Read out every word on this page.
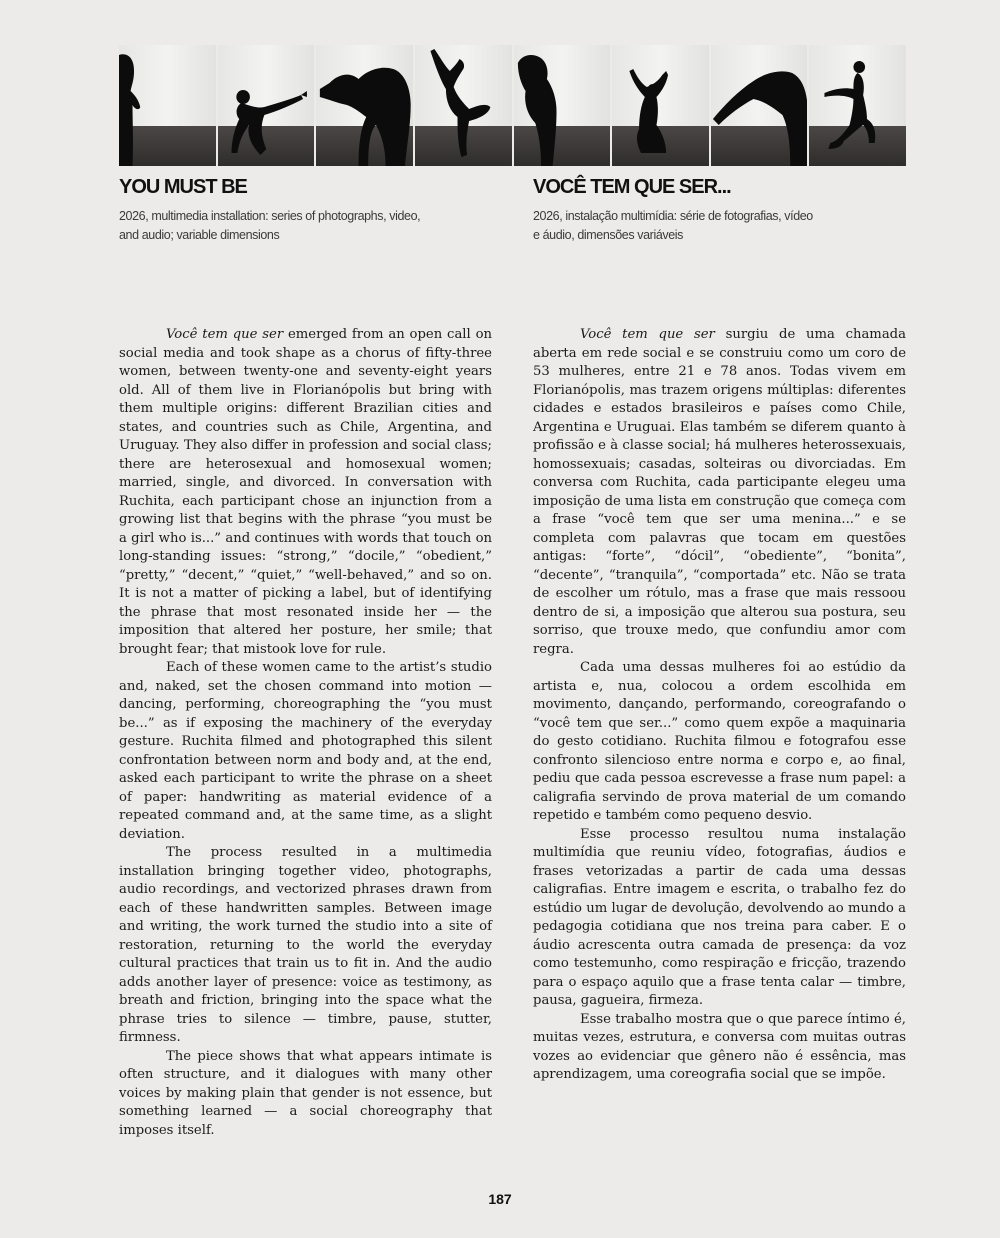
YOU MUST BE
2026, multimedia installation: series of photographs, video,
and audio; variable dimensions
VOCÊ TEM QUE SER...
2026, instalação multimídia: série de fotografias, vídeo
e áudio, dimensões variáveis

Você tem que ser emerged from an open call on social media and took shape as a chorus of fifty-three women, between twenty-one and seventy-eight years old. All of them live in Florianópolis but bring with them multiple origins: different Brazilian cities and states, and countries such as Chile, Argentina, and Uruguay. They also differ in profession and social class; there are heterosexual and homosexual women; married, single, and divorced. In conversation with Ruchita, each participant chose an injunction from a growing list that begins with the phrase “you must be a girl who is...” and continues with words that touch on long-standing issues: “strong,” “docile,” “obedient,” “pretty,” “decent,” “quiet,” “well-behaved,” and so on. It is not a matter of picking a label, but of identifying the phrase that most resonated inside her — the imposition that altered her posture, her smile; that brought fear; that mistook love for rule.

Each of these women came to the artist’s studio and, naked, set the chosen command into motion — dancing, performing, choreographing the “you must be...” as if exposing the machinery of the everyday gesture. Ruchita filmed and photographed this silent confrontation between norm and body and, at the end, asked each participant to write the phrase on a sheet of paper: handwriting as material evidence of a repeated command and, at the same time, as a slight deviation.

The process resulted in a multimedia installation bringing together video, photographs, audio recordings, and vectorized phrases drawn from each of these handwritten samples. Between image and writing, the work turned the studio into a site of restoration, returning to the world the everyday cultural practices that train us to fit in. And the audio adds another layer of presence: voice as testimony, as breath and friction, bringing into the space what the phrase tries to silence — timbre, pause, stutter, firmness.

The piece shows that what appears intimate is often structure, and it dialogues with many other voices by making plain that gender is not essence, but something learned — a social choreography that imposes itself.

Você tem que ser surgiu de uma chamada aberta em rede social e se construiu como um coro de 53 mulheres, entre 21 e 78 anos. Todas vivem em Florianópolis, mas trazem origens múltiplas: diferentes cidades e estados brasileiros e países como Chile, Argentina e Uruguai. Elas também se diferem quanto à profissão e à classe social; há mulheres heterossexuais, homossexuais; casadas, solteiras ou divorciadas. Em conversa com Ruchita, cada participante elegeu uma imposição de uma lista em construção que começa com a frase “você tem que ser uma menina...” e se completa com palavras que tocam em questões antigas: “forte”, “dócil”, “obediente”, “bonita”, “decente”, “tranquila”, “comportada” etc. Não se trata de escolher um rótulo, mas a frase que mais ressoou dentro de si, a imposição que alterou sua postura, seu sorriso, que trouxe medo, que confundiu amor com regra.

Cada uma dessas mulheres foi ao estúdio da artista e, nua, colocou a ordem escolhida em movimento, dançando, performando, coreografando o “você tem que ser...” como quem expõe a maquinaria do gesto cotidiano. Ruchita filmou e fotografou esse confronto silencioso entre norma e corpo e, ao final, pediu que cada pessoa escrevesse a frase num papel: a caligrafia servindo de prova material de um comando repetido e também como pequeno desvio.

Esse processo resultou numa instalação multimídia que reuniu vídeo, fotografias, áudios e frases vetorizadas a partir de cada uma dessas caligrafias. Entre imagem e escrita, o trabalho fez do estúdio um lugar de devolução, devolvendo ao mundo a pedagogia cotidiana que nos treina para caber. E o áudio acrescenta outra camada de presença: da voz como testemunho, como respiração e fricção, trazendo para o espaço aquilo que a frase tenta calar — timbre, pausa, gagueira, firmeza.

Esse trabalho mostra que o que parece íntimo é, muitas vezes, estrutura, e conversa com muitas outras vozes ao evidenciar que gênero não é essência, mas aprendizagem, uma coreografia social que se impõe.

187
